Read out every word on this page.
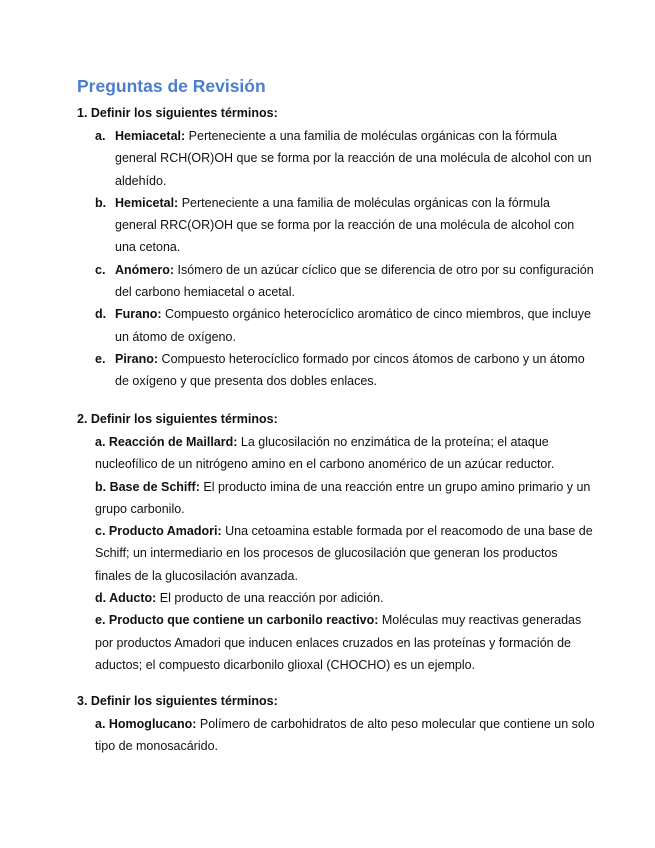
Preguntas de Revisión
1. Definir los siguientes términos:
a. Hemiacetal: Perteneciente a una familia de moléculas orgánicas con la fórmula general RCH(OR)OH que se forma por la reacción de una molécula de alcohol con un aldehído.
b. Hemicetal: Perteneciente a una familia de moléculas orgánicas con la fórmula general RRC(OR)OH que se forma por la reacción de una molécula de alcohol con una cetona.
c. Anómero: Isómero de un azúcar cíclico que se diferencia de otro por su configuración del carbono hemiacetal o acetal.
d. Furano: Compuesto orgánico heterocíclico aromático de cinco miembros, que incluye un átomo de oxígeno.
e. Pirano: Compuesto heterocíclico formado por cincos átomos de carbono y un átomo de oxígeno y que presenta dos dobles enlaces.
2. Definir los siguientes términos:

a. Reacción de Maillard: La glucosilación no enzimática de la proteína; el ataque nucleofílico de un nitrógeno amino en el carbono anomérico de un azúcar reductor.

b. Base de Schiff: El producto imina de una reacción entre un grupo amino primario y un grupo carbonilo.

c. Producto Amadori: Una cetoamina estable formada por el reacomodo de una base de Schiff; un intermediario en los procesos de glucosilación que generan los productos finales de la glucosilación avanzada.

d. Aducto: El producto de una reacción por adición.

e. Producto que contiene un carbonilo reactivo: Moléculas muy reactivas generadas por productos Amadori que inducen enlaces cruzados en las proteínas y formación de aductos; el compuesto dicarbonilo glioxal (CHOCHO) es un ejemplo.

3. Definir los siguientes términos:

a. Homoglucano: Polímero de carbohidratos de alto peso molecular que contiene un solo tipo de monosacárido.
